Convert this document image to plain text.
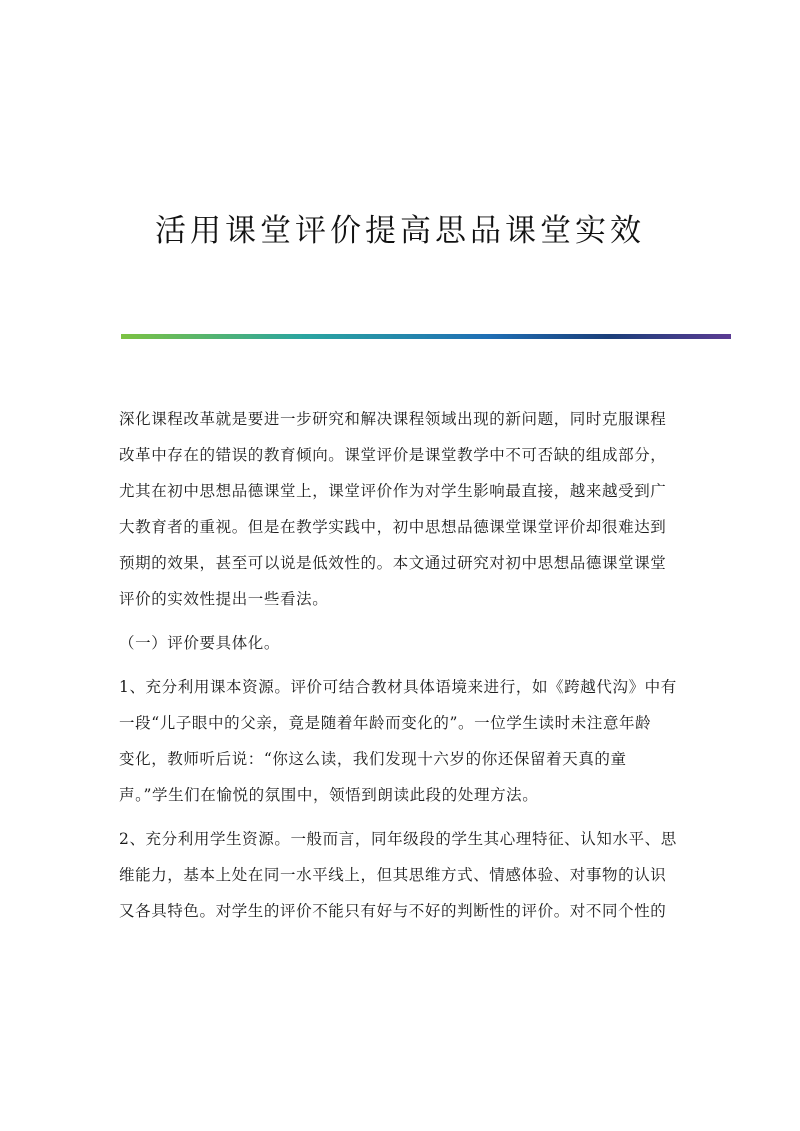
活用课堂评价提高思品课堂实效

深化课程改革就是要进一步研究和解决课程领域出现的新问题，同时克服课程
改革中存在的错误的教育倾向。课堂评价是课堂教学中不可否缺的组成部分，
尤其在初中思想品德课堂上，课堂评价作为对学生影响最直接，越来越受到广
大教育者的重视。但是在教学实践中，初中思想品德课堂课堂评价却很难达到
预期的效果，甚至可以说是低效性的。本文通过研究对初中思想品德课堂课堂
评价的实效性提出一些看法。

（一）评价要具体化。

1、充分利用课本资源。评价可结合教材具体语境来进行，如《跨越代沟》中有
一段“儿子眼中的父亲，竟是随着年龄而变化的”。一位学生读时未注意年龄
变化，教师听后说：“你这么读，我们发现十六岁的你还保留着天真的童
声。”学生们在愉悦的氛围中，领悟到朗读此段的处理方法。

2、充分利用学生资源。一般而言，同年级段的学生其心理特征、认知水平、思
维能力，基本上处在同一水平线上，但其思维方式、情感体验、对事物的认识
又各具特色。对学生的评价不能只有好与不好的判断性的评价。对不同个性的
